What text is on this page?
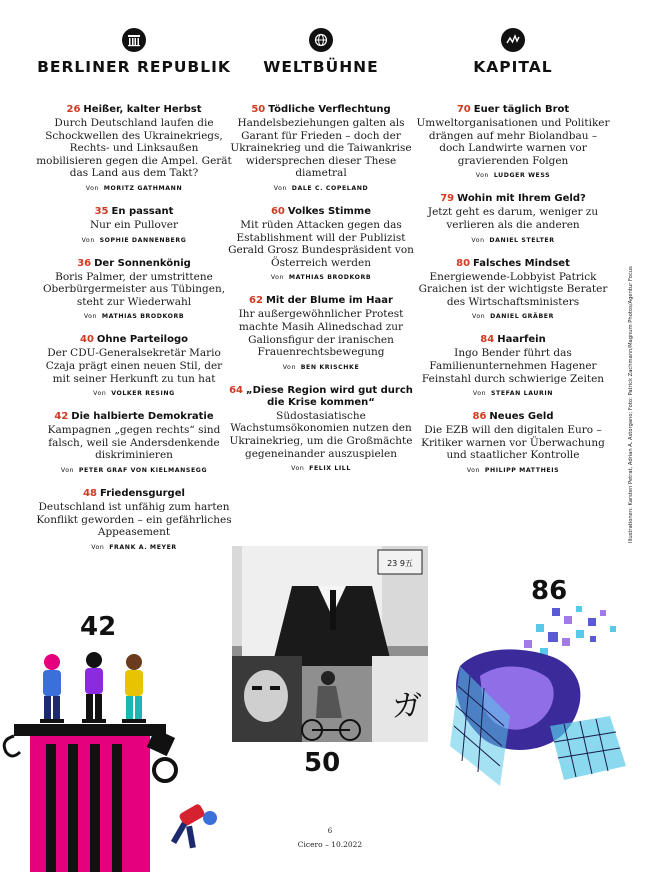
BERLINER REPUBLIK
26 Heißer, kalter Herbst
Durch Deutschland laufen die Schockwellen des Ukrainekriegs, Rechts- und Linksaußen mobilisieren gegen die Ampel. Gerät das Land aus dem Takt?
Von MORITZ GATHMANN
35 En passant
Nur ein Pullover
Von SOPHIE DANNENBERG
36 Der Sonnenkönig
Boris Palmer, der umstrittene Oberbürgermeister aus Tübingen, steht zur Wiederwahl
Von MATHIAS BRODKORB
40 Ohne Parteilogo
Der CDU-Generalsekretär Mario Czaja prägt einen neuen Stil, der mit seiner Herkunft zu tun hat
Von VOLKER RESING
42 Die halbierte Demokratie
Kampagnen „gegen rechts“ sind falsch, weil sie Andersdenkende diskriminieren
Von PETER GRAF VON KIELMANSEGG
48 Friedensgurgel
Deutschland ist unfähig zum harten Konflikt geworden – ein gefährliches Appeasement
Von FRANK A. MEYER
WELTBÜHNE
50 Tödliche Verflechtung
Handelsbeziehungen galten als Garant für Frieden – doch der Ukrainekrieg und die Taiwankrise widersprechen dieser These diametral
Von DALE C. COPELAND
60 Volkes Stimme
Mit rüden Attacken gegen das Establishment will der Publizist Gerald Grosz Bundespräsident von Österreich werden
Von MATHIAS BRODKORB
62 Mit der Blume im Haar
Ihr außergewöhnlicher Protest machte Masih Alinedschad zur Galionsfigur der iranischen Frauenrechtsbewegung
Von BEN KRISCHKE
64 „Diese Region wird gut durch die Krise kommen“
Südostasiatische Wachstumsökonomien nutzen den Ukrainekrieg, um die Großmächte gegeneinander auszuspielen
Von FELIX LILL
KAPITAL
70 Euer täglich Brot
Umweltorganisationen und Politiker drängen auf mehr Biolandbau – doch Landwirte warnen vor gravierenden Folgen
Von LUDGER WESS
79 Wohin mit Ihrem Geld?
Jetzt geht es darum, weniger zu verlieren als die anderen
Von DANIEL STELTER
80 Falsches Mindset
Energiewende-Lobbyist Patrick Graichen ist der wichtigste Berater des Wirtschaftsministers
Von DANIEL GRÄBER
84 Haarfein
Ingo Bender führt das Familienunternehmen Hagener Feinstahl durch schwierige Zeiten
Von STEFAN LAURIN
86 Neues Geld
Die EZB will den digitalen Euro – Kritiker warnen vor Überwachung und staatlicher Kontrolle
Von PHILIPP MATTHEIS	Illustrationen: Karsten Petrat, Adrian A. Astorgano; Foto: Patrick Zachmann/Magnum Photos/Agentur Focus
42
23 9五
ガ
50
86
6
Cicero – 10.2022
